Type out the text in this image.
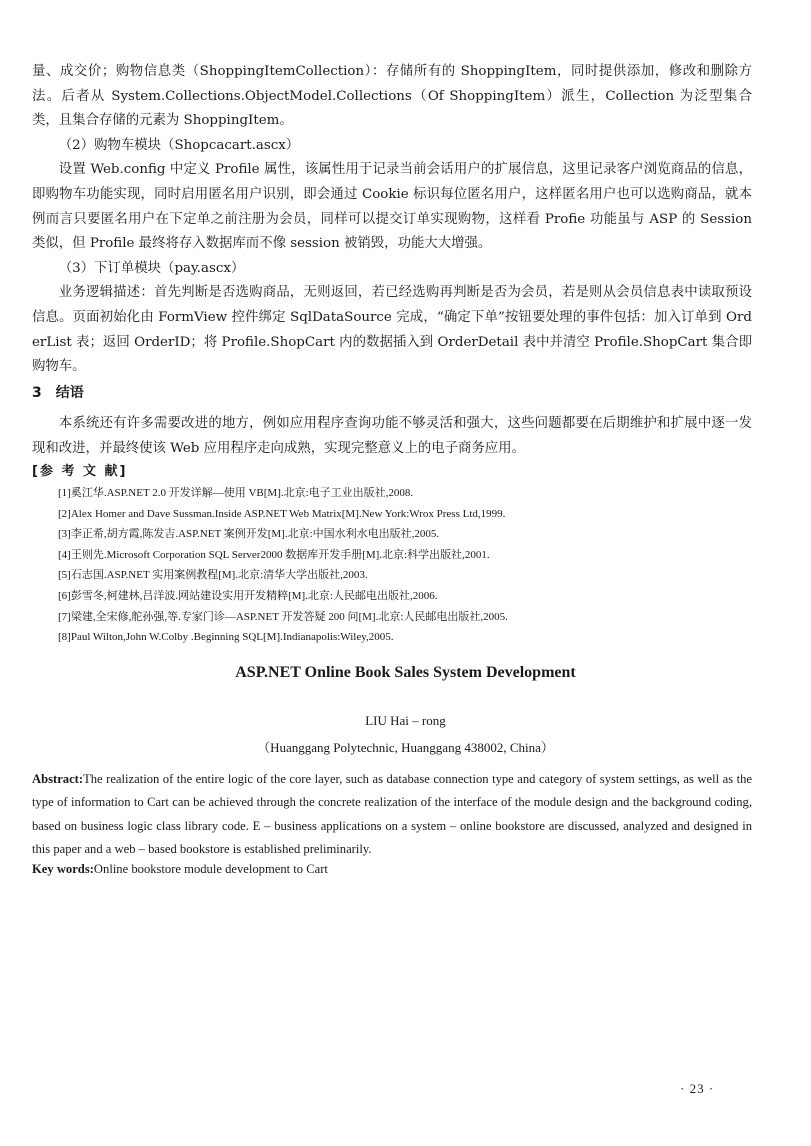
量、成交价；购物信息类（ShoppingItemCollection）：存储所有的 ShoppingItem，同时提供添加，修改和删除方法。后者从 System.Collections.ObjectModel.Collections（Of ShoppingItem）派生，Collection 为泛型集合类，且集合存储的元素为 ShoppingItem。

（2）购物车模块（Shopcacart.ascx）

设置 Web.config 中定义 Profile 属性，该属性用于记录当前会话用户的扩展信息，这里记录客户浏览商品的信息，即购物车功能实现，同时启用匿名用户识别，即会通过 Cookie 标识每位匿名用户，这样匿名用户也可以选购商品，就本例而言只要匿名用户在下定单之前注册为会员，同样可以提交订单实现购物，这样看 Profie 功能虽与 ASP 的 Session 类似，但 Profile 最终将存入数据库而不像 session 被销毁，功能大大增强。

（3）下订单模块（pay.ascx）

业务逻辑描述：首先判断是否选购商品，无则返回，若已经选购再判断是否为会员，若是则从会员信息表中读取预设信息。页面初始化由 FormView 控件绑定 SqlDataSource 完成，“确定下单”按钮要处理的事件包括：加入订单到 OrderList 表；返回 OrderID；将 Profile.ShopCart 内的数据插入到 OrderDetail 表中并清空 Profile.ShopCart 集合即购物车。

3　结语

本系统还有许多需要改进的地方，例如应用程序查询功能不够灵活和强大，这些问题都要在后期维护和扩展中逐一发现和改进，并最终使该 Web 应用程序走向成熟，实现完整意义上的电子商务应用。

[参 考 文 献]
[1]奚江华.ASP.NET 2.0 开发详解—使用 VB[M].北京:电子工业出版社,2008.
[2]Alex Homer and Dave Sussman.Inside ASP.NET Web Matrix[M].New York:Wrox Press Ltd,1999.
[3]李正希,胡方霞,陈发吉.ASP.NET 案例开发[M].北京:中国水利水电出版社,2005.
[4]王则先.Microsoft Corporation SQL Server2000 数据库开发手册[M].北京:科学出版社,2001.
[5]石志国.ASP.NET 实用案例教程[M].北京:清华大学出版社,2003.
[6]彭雪冬,柯建林,吕洋波.网站建设实用开发精粹[M].北京:人民邮电出版社,2006.
[7]梁建,全宋修,舵孙强,等.专家门诊—ASP.NET 开发答疑 200 问[M].北京:人民邮电出版社,2005.
[8]Paul Wilton,John W.Colby .Beginning SQL[M].Indianapolis:Wiley,2005.
ASP.NET Online Book Sales System Development
LIU Hai – rong
（Huanggang Polytechnic, Huanggang 438002, China）

Abstract:The realization of the entire logic of the core layer, such as database connection type and category of system settings, as well as the type of information to Cart can be achieved through the concrete realization of the interface of the module design and the background coding, based on business logic class library code. E – business applications on a system – online bookstore are discussed, analyzed and designed in this paper and a web – based bookstore is established preliminarily.

Key words:Online bookstore module development to Cart

· 23 ·
